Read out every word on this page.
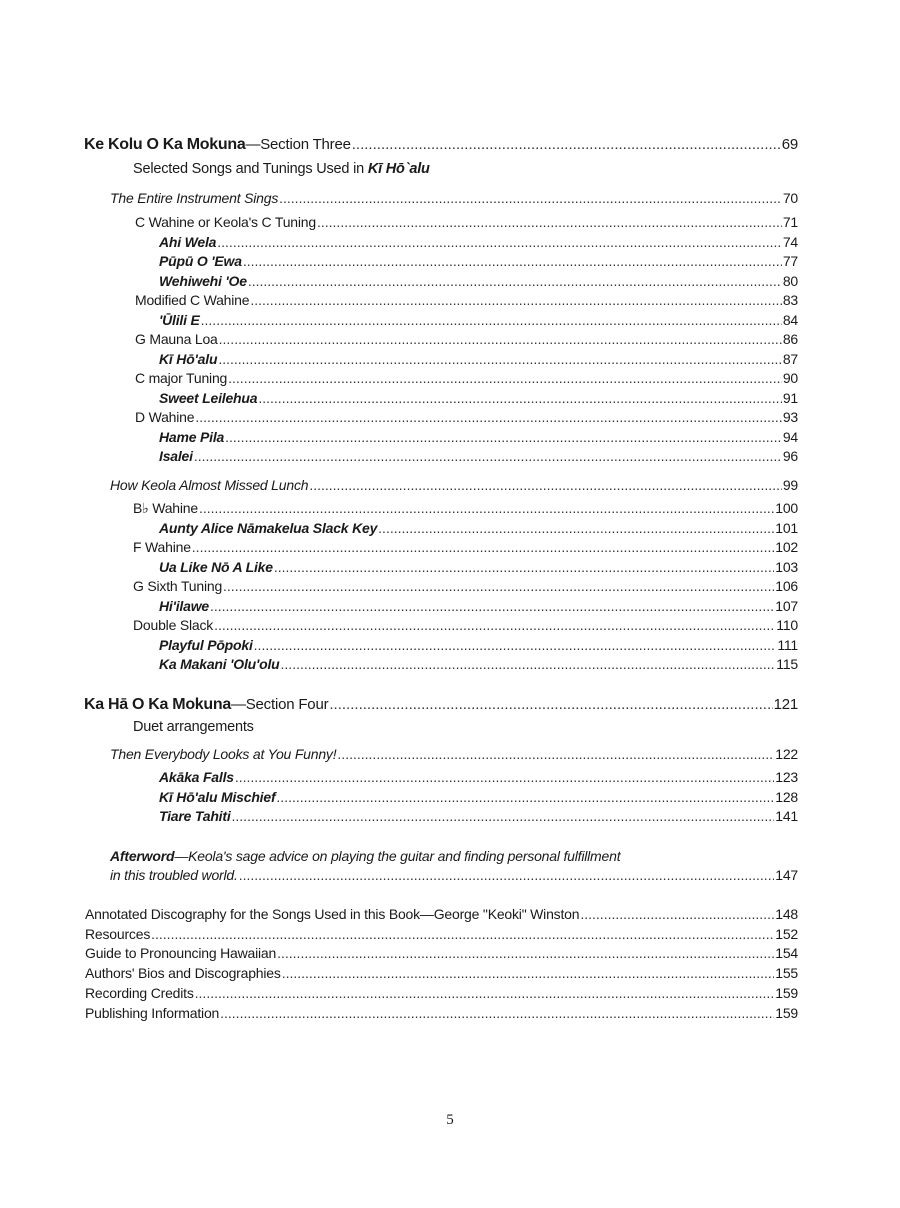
Ke Kolu O Ka Mokuna—Section Three .....	69
Selected Songs and Tunings Used in Kī Hō`alu
The Entire Instrument Sings .....	70
C Wahine or Keola's C Tuning .....	71
Ahi Wela .....	74
Pūpū O 'Ewa .....	77
Wehiwehi 'Oe .....	80
Modified C Wahine .....	83
'Ūlili E .....	84
G Mauna Loa .....	86
Kī Hō'alu .....	87
C major Tuning .....	90
Sweet Leilehua .....	91
D Wahine .....	93
Hame Pila .....	94
Isalei .....	96
How Keola Almost Missed Lunch .....	99
B♭ Wahine .....	100
Aunty Alice Nāmakelua Slack Key .....	101
F Wahine .....	102
Ua Like Nō A Like .....	103
G Sixth Tuning .....	106
Hi'ilawe .....	107
Double Slack .....	110
Playful Pōpoki .....	111
Ka Makani 'Olu'olu .....	115
Ka Hā O Ka Mokuna—Section Four .....	121
Duet arrangements
Then Everybody Looks at You Funny! .....	122
Akāka Falls .....	123
Kī Hō'alu Mischief .....	128
Tiare Tahiti .....	141
Afterword—Keola's sage advice on playing the guitar and finding personal fulfillment
in this troubled world. .....	147
Annotated Discography for the Songs Used in this Book—George "Keoki" Winston .....	148
Resources .....	152
Guide to Pronouncing Hawaiian .....	154
Authors' Bios and Discographies .....	155
Recording Credits .....	159
Publishing Information .....	159
5
